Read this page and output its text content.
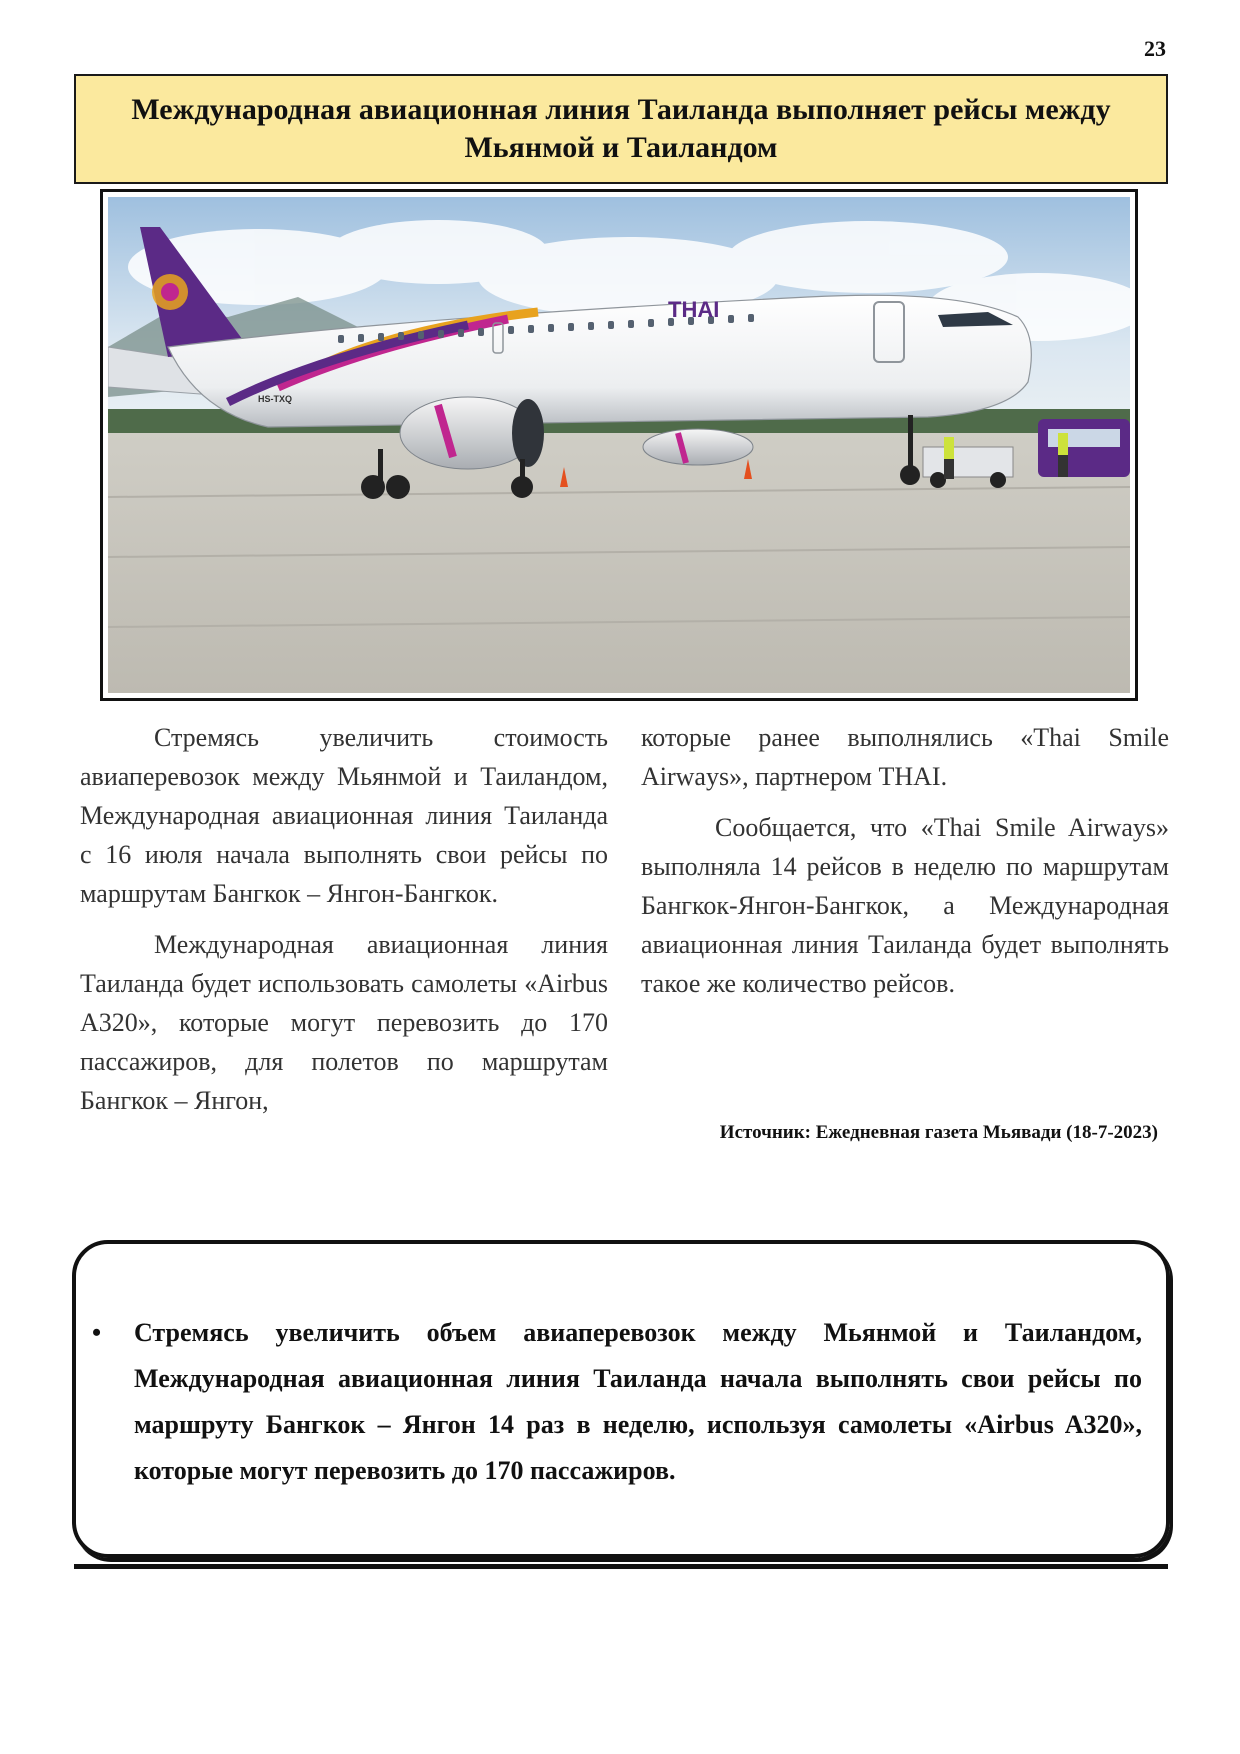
23
Международная авиационная линия Таиланда выполняет рейсы между
Мьянмой и Таиландом
THAI
HS-TXQ

Стремясь увеличить стоимость авиаперевозок между Мьянмой и Таиландом, Международная авиационная линия Таиланда с 16 июля начала выполнять свои рейсы по маршрутам Бангкок – Янгон-Бангкок.

Международная авиационная линия Таиланда будет использовать самолеты «Airbus A320», которые могут перевозить до 170 пассажиров, для полетов по маршрутам Бангкок – Янгон,

которые ранее выполнялись «Thai Smile Airways», партнером THAI.

Сообщается, что «Thai Smile Airways» выполняла 14 рейсов в неделю по маршрутам Бангкок-Янгон-Бангкок, а Международная авиационная линия Таиланда будет выполнять такое же количество рейсов.

Источник: Ежедневная газета Мьявади (18-7-2023)
• Стремясь увеличить объем авиаперевозок между Мьянмой и Таиландом, Международная авиационная линия Таиланда начала выполнять свои рейсы по маршруту Бангкок – Янгон 14 раз в неделю, используя самолеты «Airbus A320», которые могут перевозить до 170 пассажиров.
